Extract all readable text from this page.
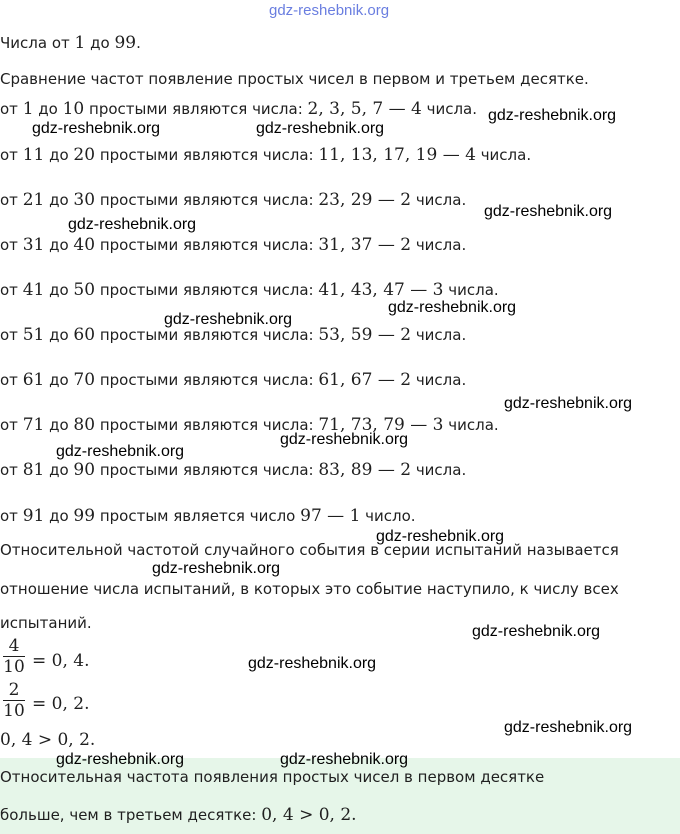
gdz-reshebnik.org
Числа от 1 до 99.
Сравнение частот появление простых чисел в первом и третьем десятке.
от 1 до 10 простыми являются числа: 2, 3, 5, 7 — 4 числа.
от 11 до 20 простыми являются числа: 11, 13, 17, 19 — 4 числа.
от 21 до 30 простыми являются числа: 23, 29 — 2 числа.
от 31 до 40 простыми являются числа: 31, 37 — 2 числа.
от 41 до 50 простыми являются числа: 41, 43, 47 — 3 числа.
от 51 до 60 простыми являются числа: 53, 59 — 2 числа.
от 61 до 70 простыми являются числа: 61, 67 — 2 числа.
от 71 до 80 простыми являются числа: 71, 73, 79 — 3 числа.
от 81 до 90 простыми являются числа: 83, 89 — 2 числа.
от 91 до 99 простым является число 97 — 1 число.
Относительной частотой случайного события в серии испытаний называется
отношение числа испытаний, в которых это событие наступило, к числу всех
испытаний.
4
10 = 0, 4.
2
10 = 0, 2.
0, 4 > 0, 2.
Относительная частота появления простых чисел в первом десятке
больше, чем в третьем десятке: 0, 4 > 0, 2.
gdz-reshebnik.org
gdz-reshebnik.org	gdz-reshebnik.org
gdz-reshebnik.org
gdz-reshebnik.org
gdz-reshebnik.org
gdz-reshebnik.org
gdz-reshebnik.org
gdz-reshebnik.org
gdz-reshebnik.org
gdz-reshebnik.org
gdz-reshebnik.org
gdz-reshebnik.org
gdz-reshebnik.org
gdz-reshebnik.org
gdz-reshebnik.org	gdz-reshebnik.org
